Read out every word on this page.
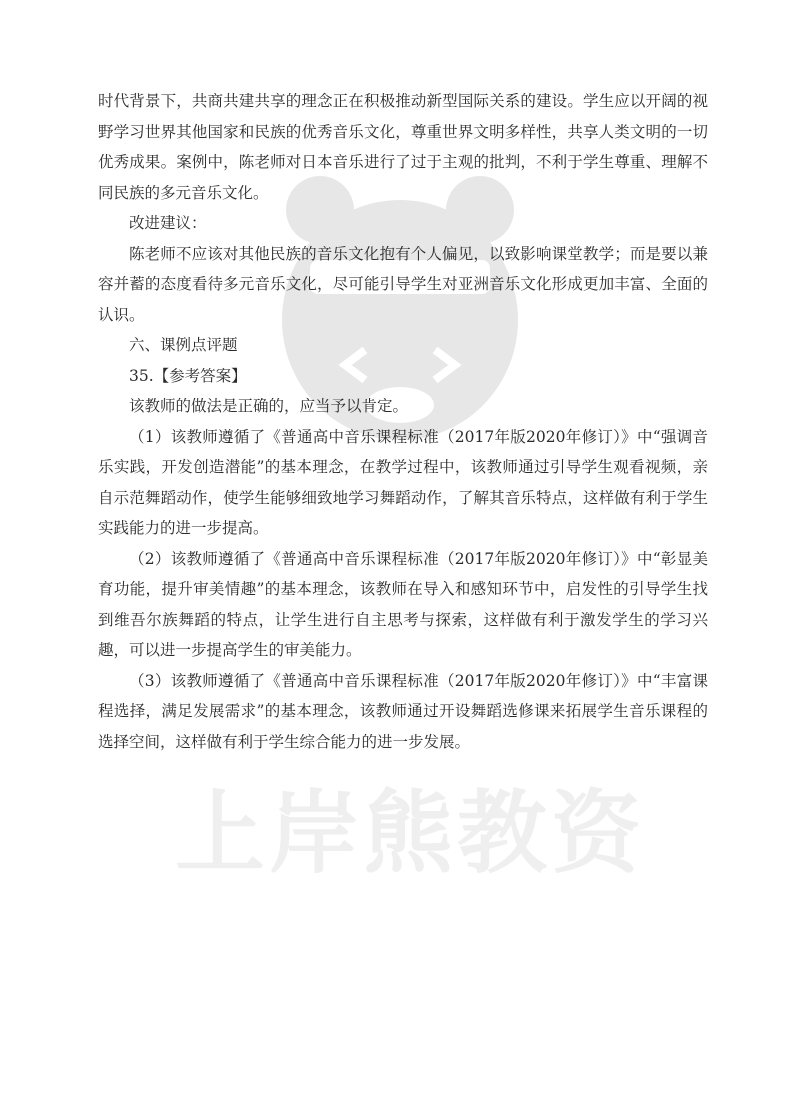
上岸熊教资

时代背景下，共商共建共享的理念正在积极推动新型国际关系的建设。学生应以开阔的视野学习世界其他国家和民族的优秀音乐文化，尊重世界文明多样性，共享人类文明的一切优秀成果。案例中，陈老师对日本音乐进行了过于主观的批判，不利于学生尊重、理解不同民族的多元音乐文化。

改进建议：

陈老师不应该对其他民族的音乐文化抱有个人偏见，以致影响课堂教学；而是要以兼容并蓄的态度看待多元音乐文化，尽可能引导学生对亚洲音乐文化形成更加丰富、全面的认识。

六、课例点评题

35.【参考答案】

该教师的做法是正确的，应当予以肯定。

（1）该教师遵循了《普通高中音乐课程标准（2017年版2020年修订）》中“强调音乐实践，开发创造潜能”的基本理念，在教学过程中，该教师通过引导学生观看视频，亲自示范舞蹈动作，使学生能够细致地学习舞蹈动作，了解其音乐特点，这样做有利于学生实践能力的进一步提高。

（2）该教师遵循了《普通高中音乐课程标准（2017年版2020年修订）》中“彰显美育功能，提升审美情趣”的基本理念，该教师在导入和感知环节中，启发性的引导学生找到维吾尔族舞蹈的特点，让学生进行自主思考与探索，这样做有利于激发学生的学习兴趣，可以进一步提高学生的审美能力。

（3）该教师遵循了《普通高中音乐课程标准（2017年版2020年修订）》中“丰富课程选择，满足发展需求”的基本理念，该教师通过开设舞蹈选修课来拓展学生音乐课程的选择空间，这样做有利于学生综合能力的进一步发展。
